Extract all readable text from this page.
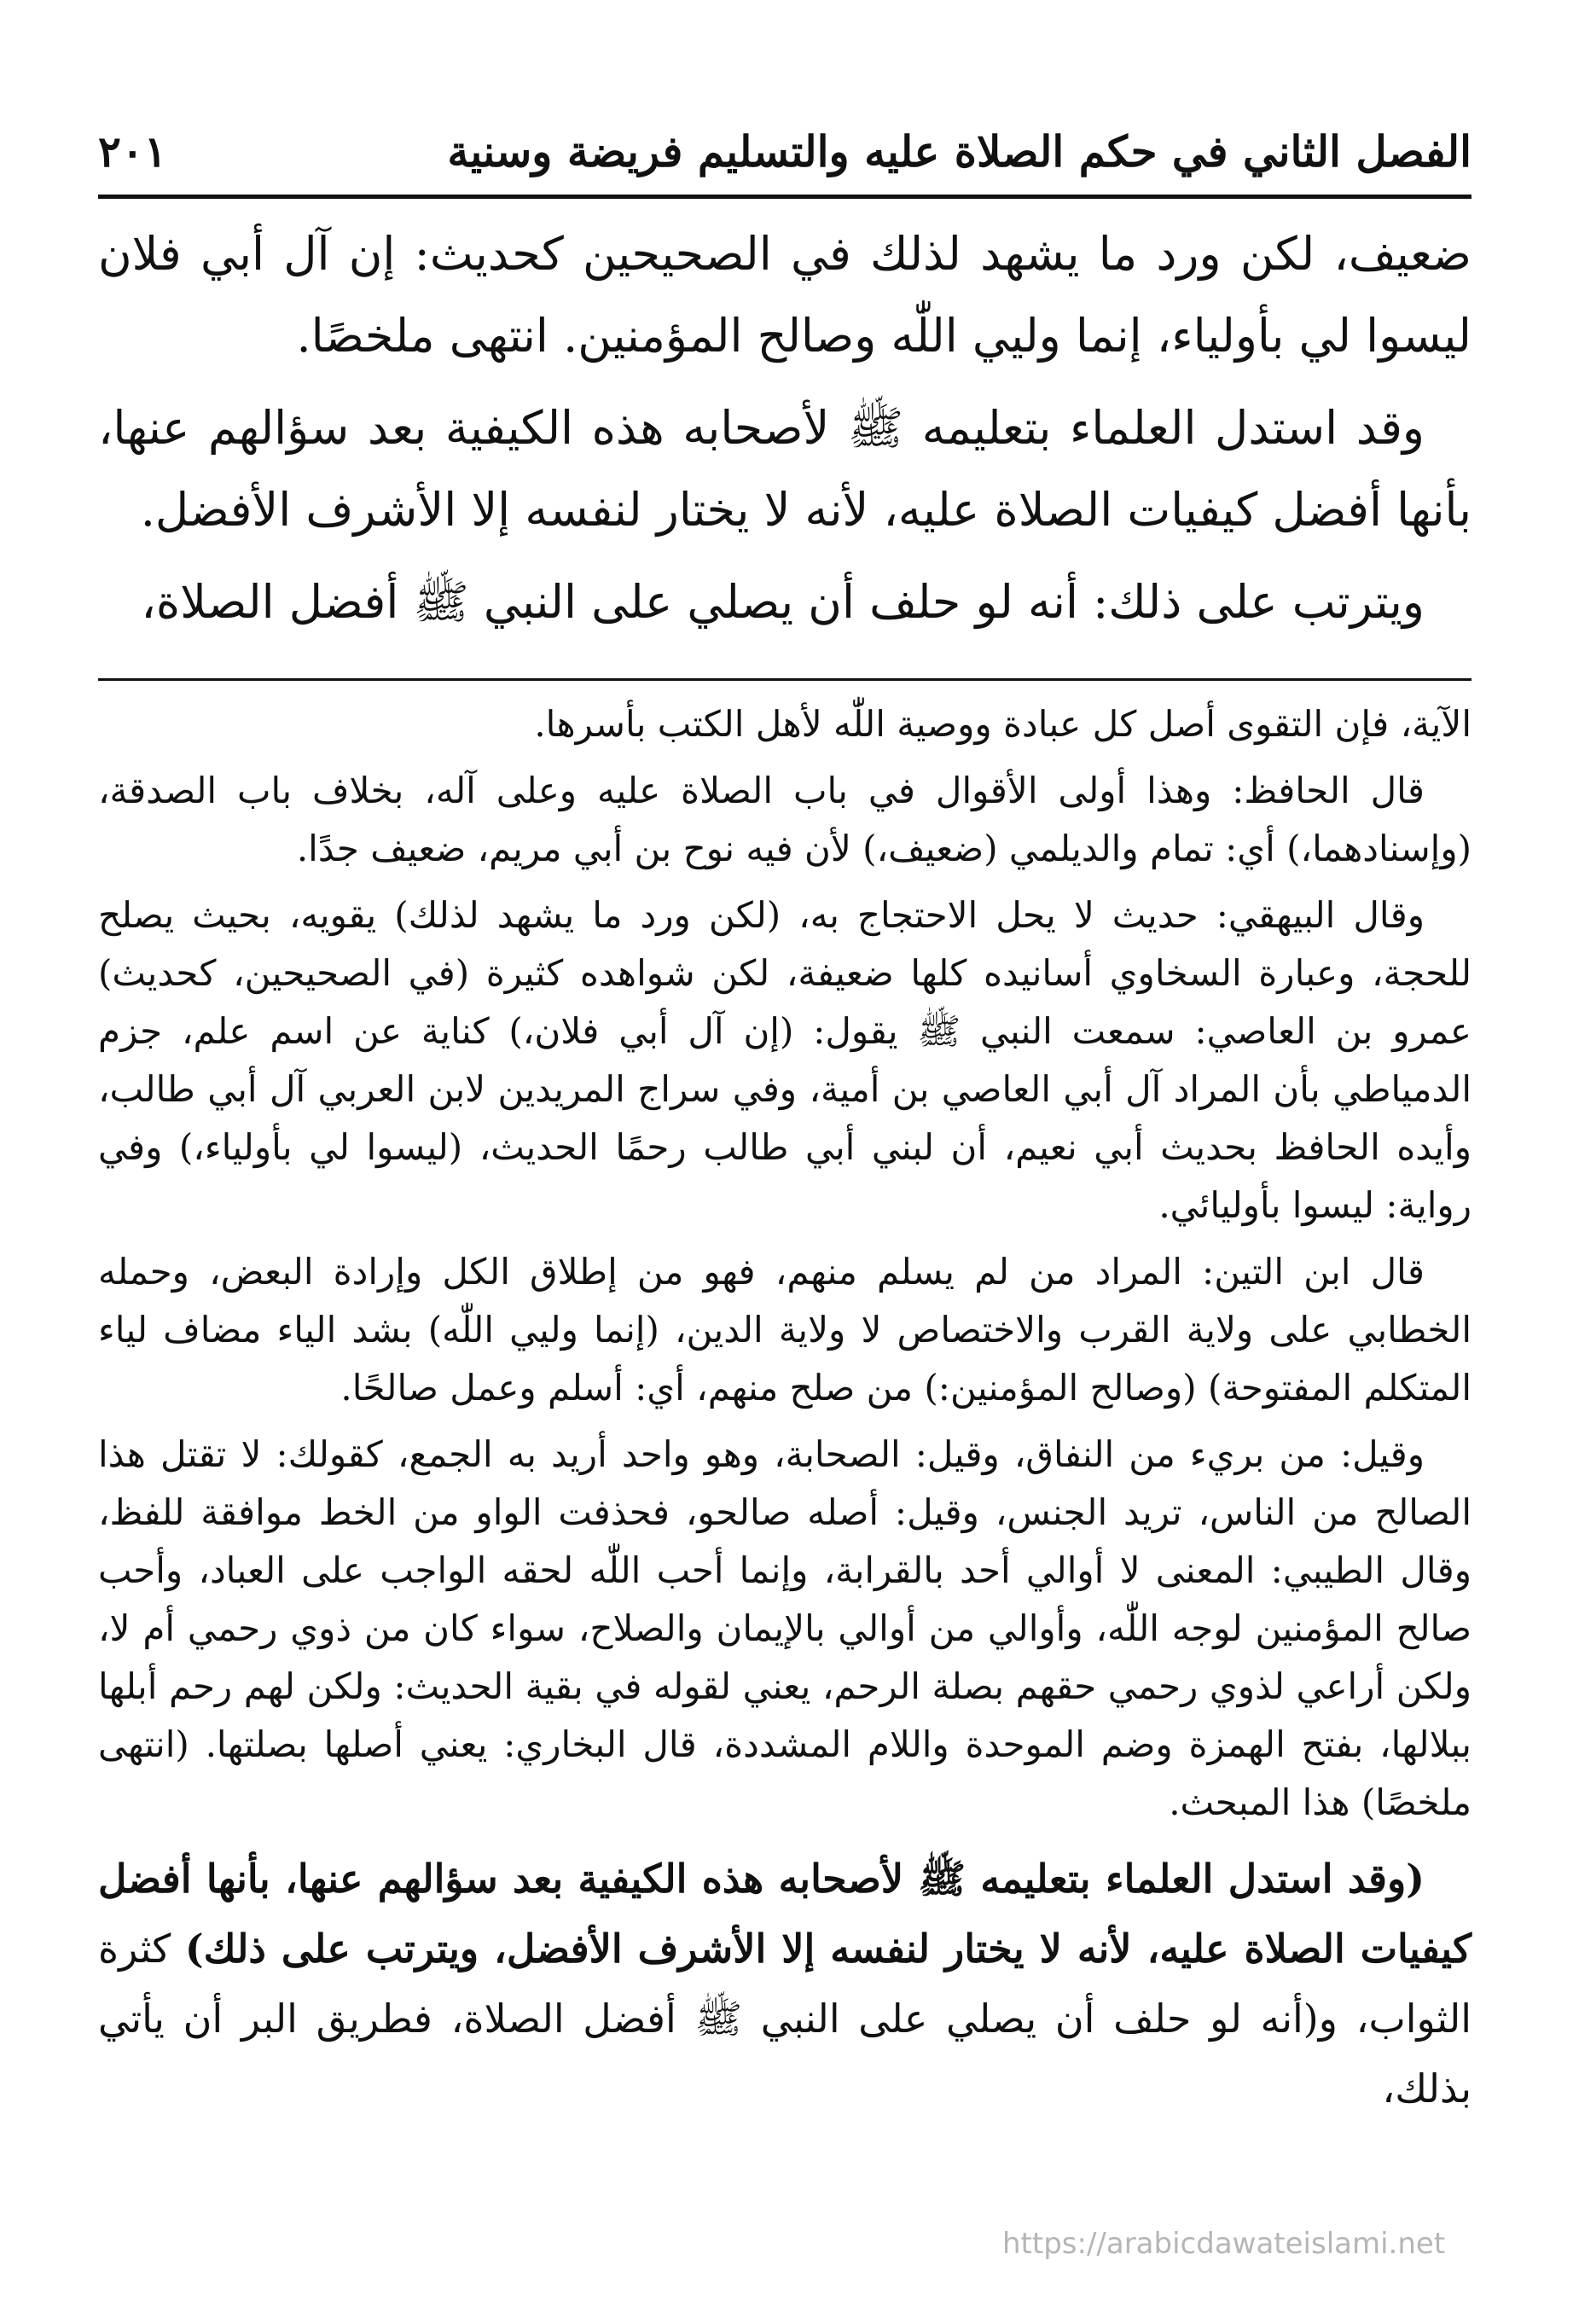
الفصل الثاني في حكم الصلاة عليه والتسليم فريضة وسنية
٢٠١

ضعيف، لكن ورد ما يشهد لذلك في الصحيحين كحديث: إن آل أبي فلان ليسوا لي بأولياء، إنما وليي اللّٰه وصالح المؤمنين. انتهى ملخصًا.

وقد استدل العلماء بتعليمه ﷺ لأصحابه هذه الكيفية بعد سؤالهم عنها، بأنها أفضل كيفيات الصلاة عليه، لأنه لا يختار لنفسه إلا الأشرف الأفضل.

ويترتب على ذلك: أنه لو حلف أن يصلي على النبي ﷺ أفضل الصلاة،

الآية، فإن التقوى أصل كل عبادة ووصية اللّٰه لأهل الكتب بأسرها.

قال الحافظ: وهذا أولى الأقوال في باب الصلاة عليه وعلى آله، بخلاف باب الصدقة، (وإسنادهما،) أي: تمام والديلمي (ضعيف،) لأن فيه نوح بن أبي مريم، ضعيف جدًا.

وقال البيهقي: حديث لا يحل الاحتجاج به، (لكن ورد ما يشهد لذلك) يقويه، بحيث يصلح للحجة، وعبارة السخاوي أسانيده كلها ضعيفة، لكن شواهده كثيرة (في الصحيحين، كحديث) عمرو بن العاصي: سمعت النبي ﷺ يقول: (إن آل أبي فلان،) كناية عن اسم علم، جزم الدمياطي بأن المراد آل أبي العاصي بن أمية، وفي سراج المريدين لابن العربي آل أبي طالب، وأيده الحافظ بحديث أبي نعيم، أن لبني أبي طالب رحمًا الحديث، (ليسوا لي بأولياء،) وفي رواية: ليسوا بأوليائي.

قال ابن التين: المراد من لم يسلم منهم، فهو من إطلاق الكل وإرادة البعض، وحمله الخطابي على ولاية القرب والاختصاص لا ولاية الدين، (إنما وليي اللّٰه) بشد الياء مضاف لياء المتكلم المفتوحة) (وصالح المؤمنين:) من صلح منهم، أي: أسلم وعمل صالحًا.

وقيل: من بريء من النفاق، وقيل: الصحابة، وهو واحد أريد به الجمع، كقولك: لا تقتل هذا الصالح من الناس، تريد الجنس، وقيل: أصله صالحو، فحذفت الواو من الخط موافقة للفظ، وقال الطيبي: المعنى لا أوالي أحد بالقرابة، وإنما أحب اللّٰه لحقه الواجب على العباد، وأحب صالح المؤمنين لوجه اللّٰه، وأوالي من أوالي بالإيمان والصلاح، سواء كان من ذوي رحمي أم لا، ولكن أراعي لذوي رحمي حقهم بصلة الرحم، يعني لقوله في بقية الحديث: ولكن لهم رحم أبلها ببلالها، بفتح الهمزة وضم الموحدة واللام المشددة، قال البخاري: يعني أصلها بصلتها. (انتهى ملخصًا) هذا المبحث.

(وقد استدل العلماء بتعليمه ﷺ لأصحابه هذه الكيفية بعد سؤالهم عنها، بأنها أفضل كيفيات الصلاة عليه، لأنه لا يختار لنفسه إلا الأشرف الأفضل، ويترتب على ذلك) كثرة الثواب، و(أنه لو حلف أن يصلي على النبي ﷺ أفضل الصلاة، فطريق البر أن يأتي بذلك،

https://arabicdawateislami.net
